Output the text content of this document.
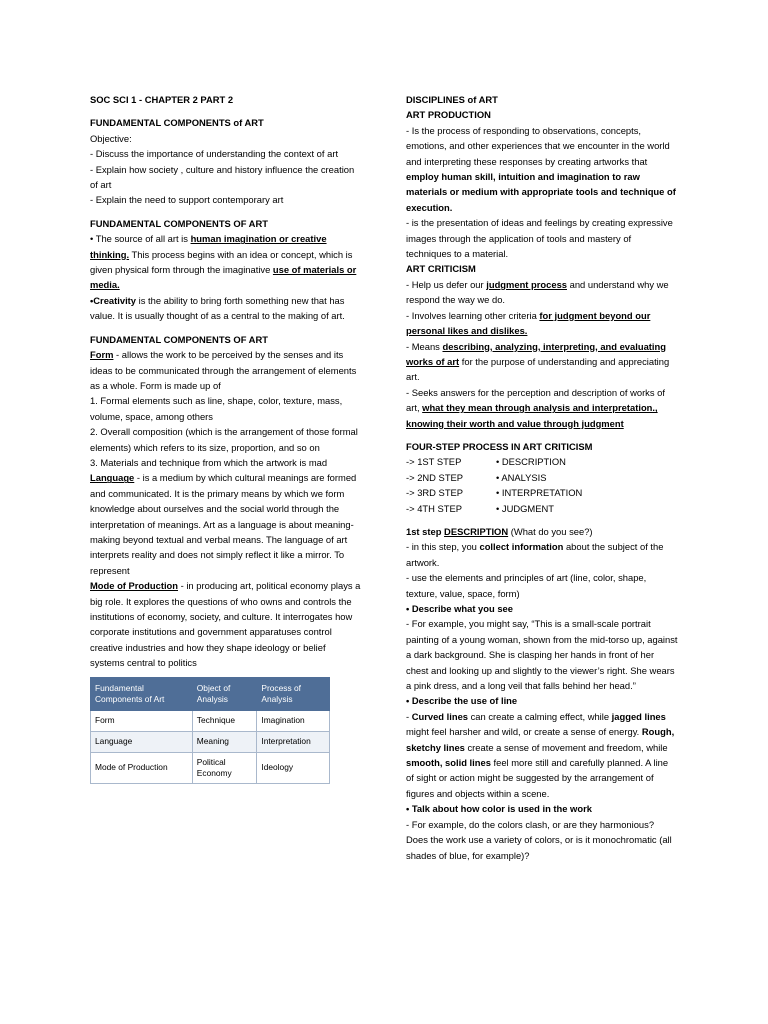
SOC SCI 1 - CHAPTER 2 PART 2

FUNDAMENTAL COMPONENTS of ART

Objective:

- Discuss the importance of understanding the context of art

- Explain how society , culture and history influence the creation of art

- Explain the need to support contemporary art

FUNDAMENTAL COMPONENTS OF ART

• The source of all art is human imagination or creative thinking. This process begins with an idea or concept, which is given physical form through the imaginative use of materials or media.

•Creativity is the ability to bring forth something new that has value. It is usually thought of as a central to the making of art.

FUNDAMENTAL COMPONENTS OF ART

Form - allows the work to be perceived by the senses and its ideas to be communicated through the arrangement of elements as a whole. Form is made up of

1. Formal elements such as line, shape, color, texture, mass, volume, space, among others

2. Overall composition (which is the arrangement of those formal elements) which refers to its size, proportion, and so on

3. Materials and technique from which the artwork is mad

Language - is a medium by which cultural meanings are formed and communicated. It is the primary means by which we form knowledge about ourselves and the social world through the interpretation of meanings. Art as a language is about meaning-making beyond textual and verbal means. The language of art interprets reality and does not simply reflect it like a mirror. To represent

Mode of Production - in producing art, political economy plays a big role. It explores the questions of who owns and controls the institutions of economy, society, and culture. It interrogates how corporate institutions and government apparatuses control creative industries and how they shape ideology or belief systems central to politics

Fundamental Components of Art	Object of Analysis	Process of Analysis
Form	Technique	Imagination
Language	Meaning	Interpretation
Mode of Production	Political Economy	Ideology

DISCIPLINES of ART

ART PRODUCTION

- Is the process of responding to observations, concepts, emotions, and other experiences that we encounter in the world and interpreting these responses by creating artworks that employ human skill, intuition and imagination to raw materials or medium with appropriate tools and technique of execution.

- is the presentation of ideas and feelings by creating expressive images through the application of tools and mastery of techniques to a material.

ART CRITICISM

- Help us defer our judgment process and understand why we respond the way we do.

- Involves learning other criteria for judgment beyond our personal likes and dislikes.

- Means describing, analyzing, interpreting, and evaluating works of art for the purpose of understanding and appreciating art.

- Seeks answers for the perception and description of works of art, what they mean through analysis and interpretation., knowing their worth and value through judgment

FOUR-STEP PROCESS IN ART CRITICISM

-> 1ST STEP	• DESCRIPTION
-> 2ND STEP	• ANALYSIS
-> 3RD STEP	• INTERPRETATION
-> 4TH STEP	• JUDGMENT

1st step DESCRIPTION (What do you see?)

- in this step, you collect information about the subject of the artwork.

- use the elements and principles of art (line, color, shape, texture, value, space, form)

• Describe what you see

- For example, you might say, “This is a small-scale portrait painting of a young woman, shown from the mid-torso up, against a dark background. She is clasping her hands in front of her chest and looking up and slightly to the viewer’s right. She wears a pink dress, and a long veil that falls behind her head.”

• Describe the use of line

- Curved lines can create a calming effect, while jagged lines might feel harsher and wild, or create a sense of energy. Rough, sketchy lines create a sense of movement and freedom, while smooth, solid lines feel more still and carefully planned. A line of sight or action might be suggested by the arrangement of figures and objects within a scene.

• Talk about how color is used in the work

- For example, do the colors clash, or are they harmonious? Does the work use a variety of colors, or is it monochromatic (all shades of blue, for example)?
